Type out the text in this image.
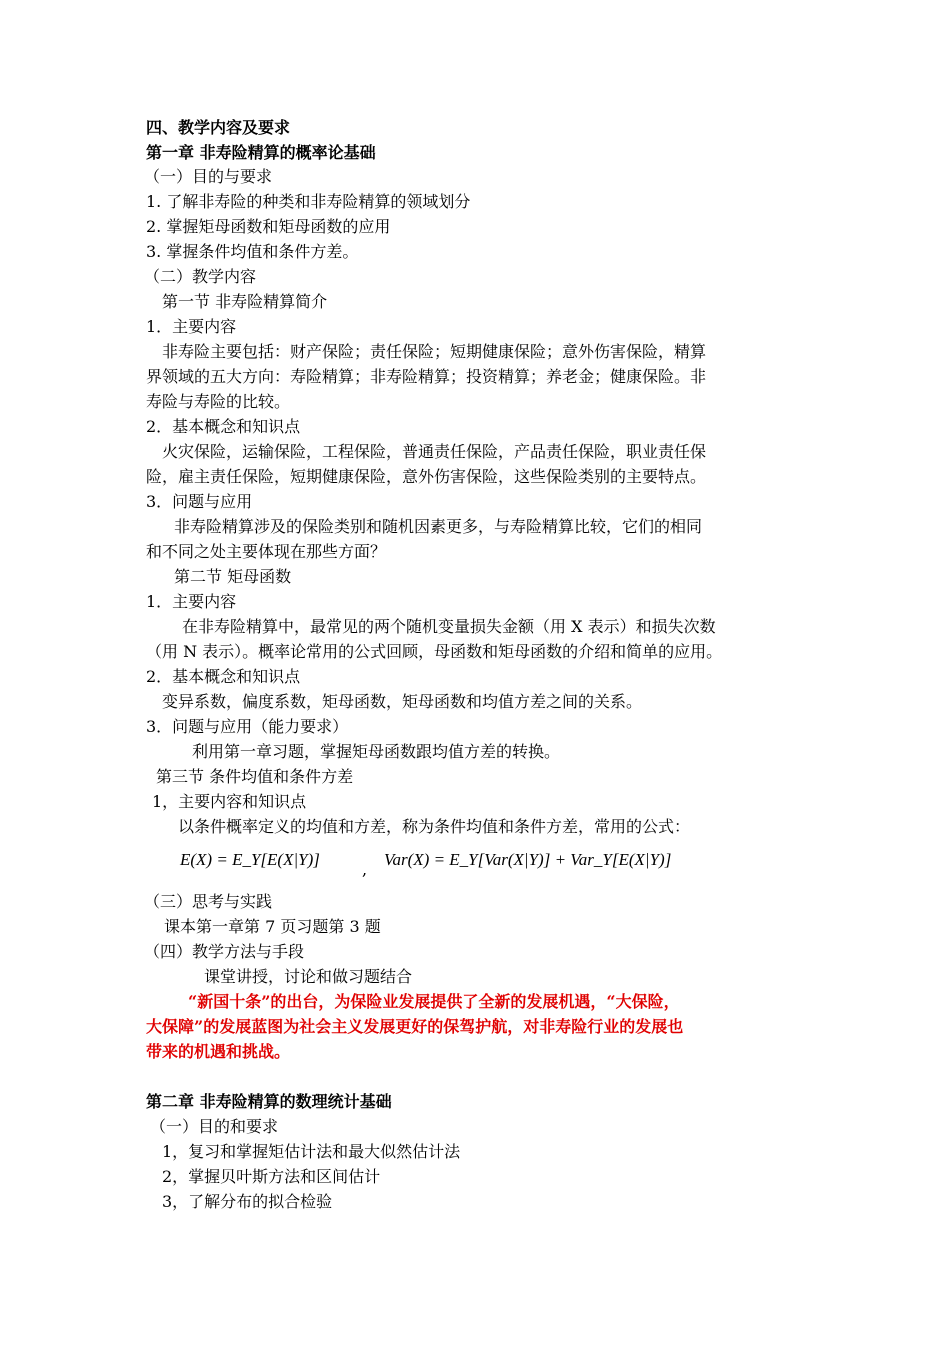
四、教学内容及要求
第一章 非寿险精算的概率论基础
（一）目的与要求
1. 了解非寿险的种类和非寿险精算的领域划分
2. 掌握矩母函数和矩母函数的应用
3. 掌握条件均值和条件方差。
（二）教学内容
第一节 非寿险精算简介
1．主要内容
非寿险主要包括：财产保险；责任保险；短期健康保险；意外伤害保险，精算
界领域的五大方向：寿险精算；非寿险精算；投资精算；养老金；健康保险。非
寿险与寿险的比较。
2．基本概念和知识点
火灾保险，运输保险，工程保险，普通责任保险，产品责任保险，职业责任保
险，雇主责任保险，短期健康保险，意外伤害保险，这些保险类别的主要特点。
3．问题与应用
非寿险精算涉及的保险类别和随机因素更多，与寿险精算比较，它们的相同
和不同之处主要体现在那些方面？
第二节 矩母函数
1．主要内容
在非寿险精算中，最常见的两个随机变量损失金额（用 X 表示）和损失次数
（用 N 表示）。概率论常用的公式回顾，母函数和矩母函数的介绍和简单的应用。
2．基本概念和知识点
变异系数，偏度系数，矩母函数，矩母函数和均值方差之间的关系。
3．问题与应用（能力要求）
利用第一章习题，掌握矩母函数跟均值方差的转换。
第三节 条件均值和条件方差
1，主要内容和知识点
以条件概率定义的均值和方差，称为条件均值和条件方差，常用的公式：
E(X) = E_Y[E(X|Y)]
,
Var(X) = E_Y[Var(X|Y)] + Var_Y[E(X|Y)]
（三）思考与实践
课本第一章第 7 页习题第 3 题
（四）教学方法与手段
课堂讲授，讨论和做习题结合
“新国十条”的出台，为保险业发展提供了全新的发展机遇，“大保险，
大保障”的发展蓝图为社会主义发展更好的保驾护航，对非寿险行业的发展也
带来的机遇和挑战。
第二章 非寿险精算的数理统计基础
（一）目的和要求
1，复习和掌握矩估计法和最大似然估计法
2，掌握贝叶斯方法和区间估计
3，了解分布的拟合检验
